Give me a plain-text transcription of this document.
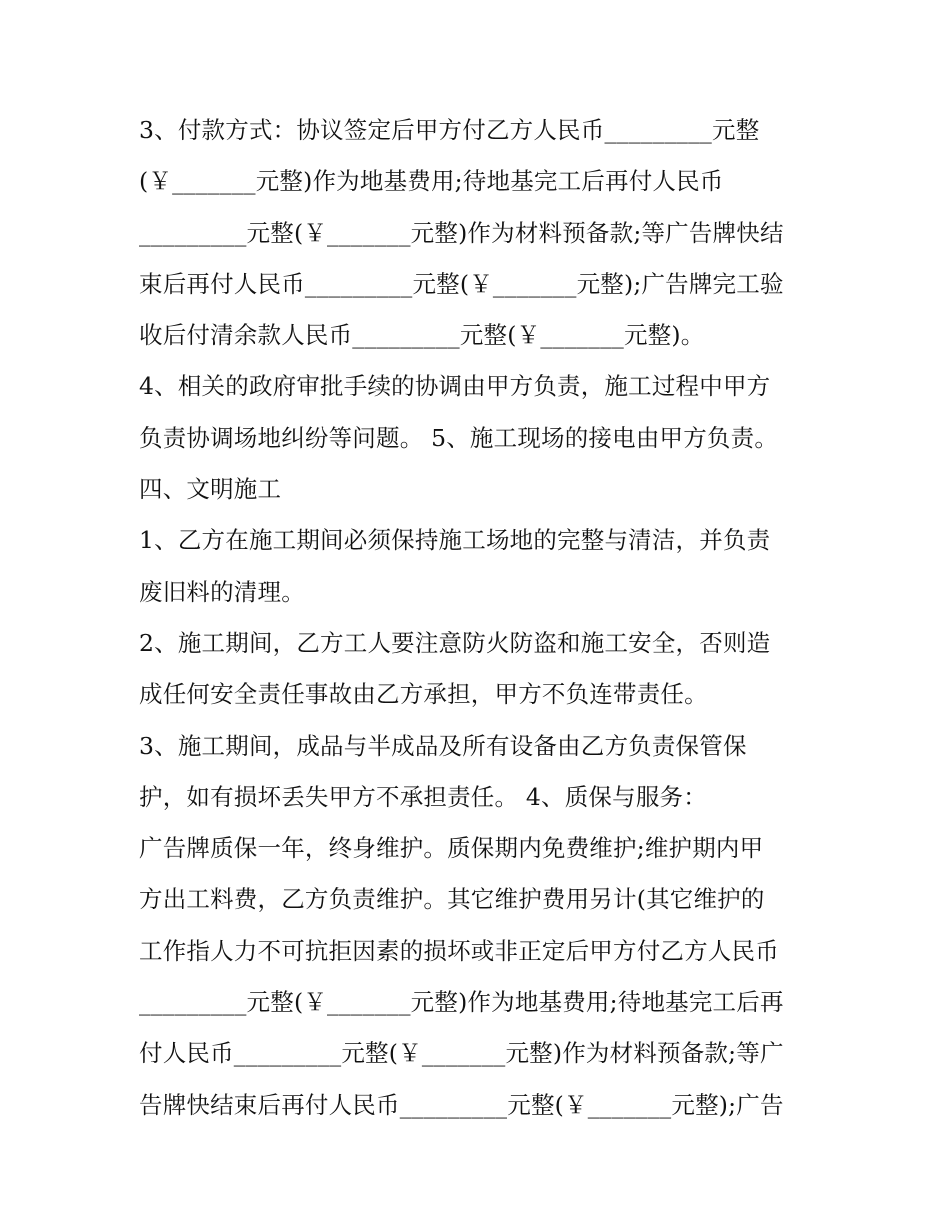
3、付款方式：协议签定后甲方付乙方人民币_________元整
(￥_______元整)作为地基费用;待地基完工后再付人民币
_________元整(￥_______元整)作为材料预备款;等广告牌快结
束后再付人民币_________元整(￥_______元整);广告牌完工验
收后付清余款人民币_________元整(￥_______元整)。
4、相关的政府审批手续的协调由甲方负责，施工过程中甲方
负责协调场地纠纷等问题。 5、施工现场的接电由甲方负责。
四、文明施工
1、乙方在施工期间必须保持施工场地的完整与清洁，并负责
废旧料的清理。
2、施工期间，乙方工人要注意防火防盗和施工安全，否则造
成任何安全责任事故由乙方承担，甲方不负连带责任。
3、施工期间，成品与半成品及所有设备由乙方负责保管保
护，如有损坏丢失甲方不承担责任。 4、质保与服务：
广告牌质保一年，终身维护。质保期内免费维护;维护期内甲
方出工料费，乙方负责维护。其它维护费用另计(其它维护的
工作指人力不可抗拒因素的损坏或非正定后甲方付乙方人民币
_________元整(￥_______元整)作为地基费用;待地基完工后再
付人民币_________元整(￥_______元整)作为材料预备款;等广
告牌快结束后再付人民币_________元整(￥_______元整);广告
